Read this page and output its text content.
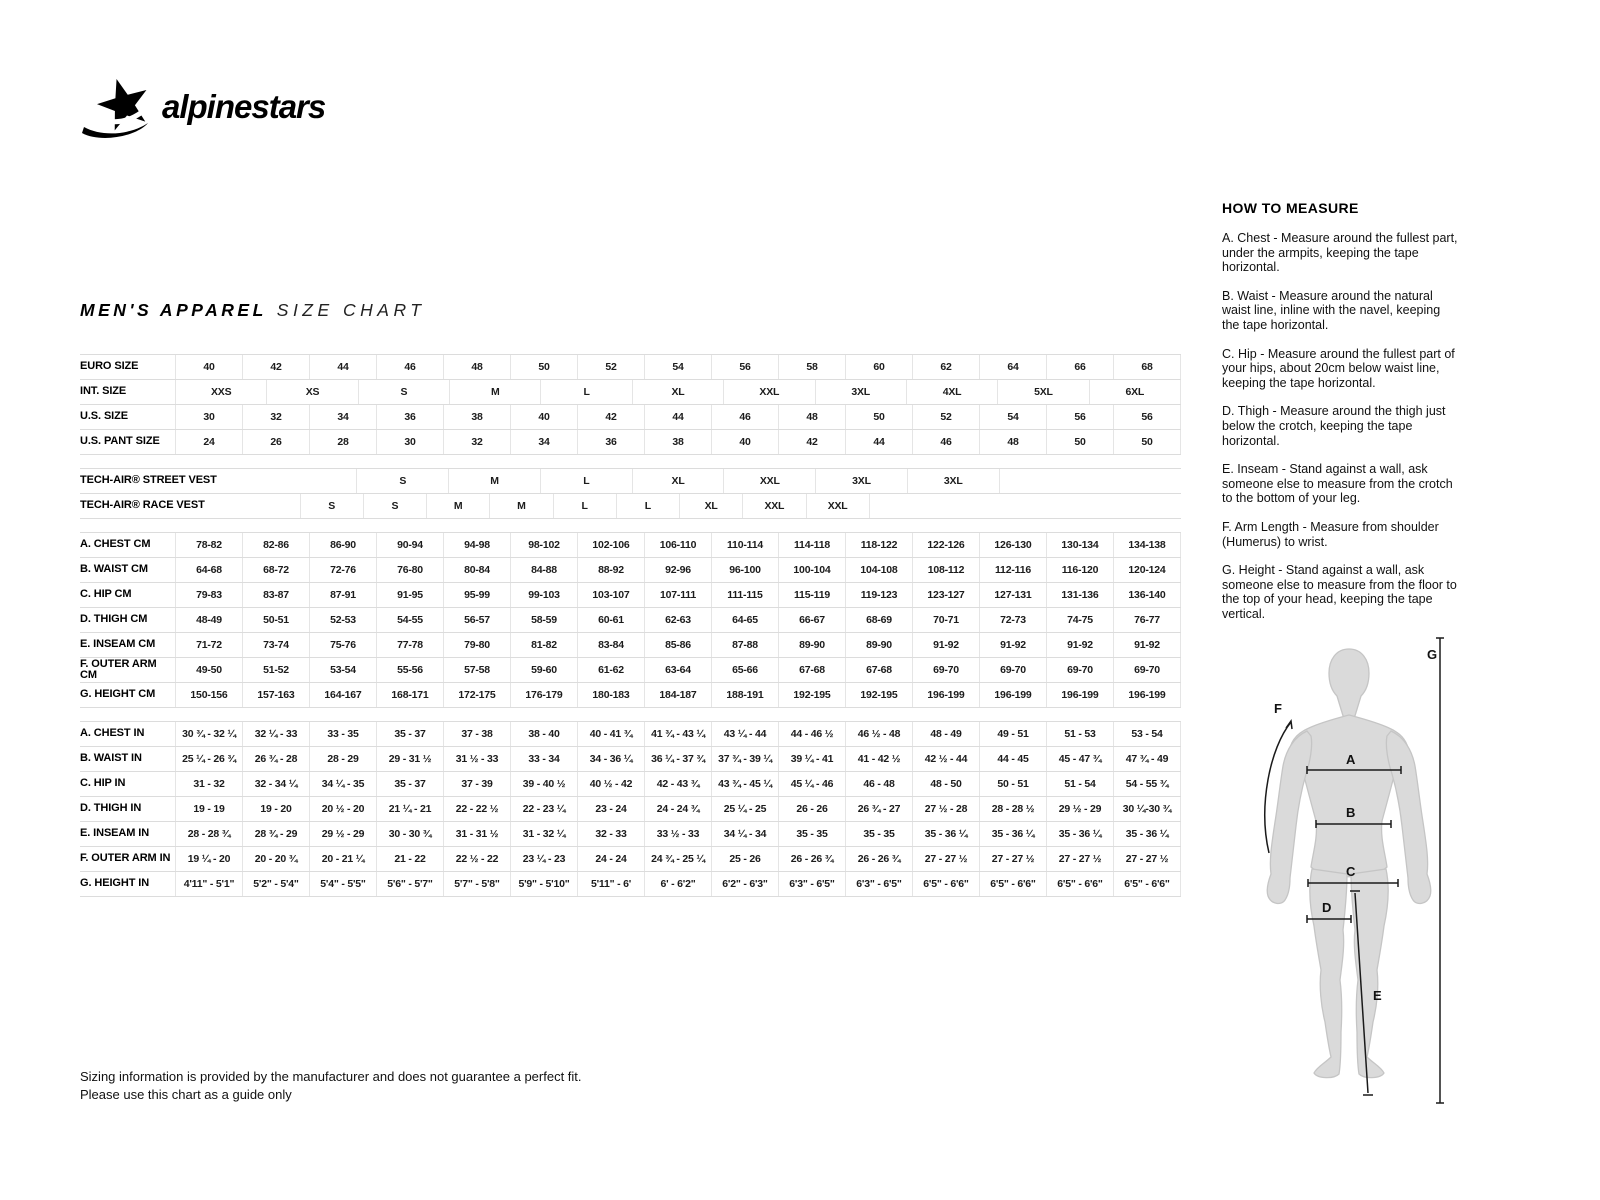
alpinestars
MEN'S APPAREL SIZE CHART
EURO SIZE	40	42	44	46	48	50	52	54	56	58	60	62	64	66	68
INT. SIZE	XXS	XS	S	M	L	XL	XXL	3XL	4XL	5XL	6XL
U.S. SIZE	30	32	34	36	38	40	42	44	46	48	50	52	54	56	56
U.S. PANT SIZE	24	26	28	30	32	34	36	38	40	42	44	46	48	50	50
TECH-AIR® STREET VEST	S	M	L	XL	XXL	3XL	3XL
TECH-AIR® RACE VEST	S	S	M	M	L	L	XL	XXL	XXL
A. CHEST CM	78-82	82-86	86-90	90-94	94-98	98-102	102-106	106-110	110-114	114-118	118-122	122-126	126-130	130-134	134-138
B. WAIST CM	64-68	68-72	72-76	76-80	80-84	84-88	88-92	92-96	96-100	100-104	104-108	108-112	112-116	116-120	120-124
C. HIP CM	79-83	83-87	87-91	91-95	95-99	99-103	103-107	107-111	111-115	115-119	119-123	123-127	127-131	131-136	136-140
D. THIGH CM	48-49	50-51	52-53	54-55	56-57	58-59	60-61	62-63	64-65	66-67	68-69	70-71	72-73	74-75	76-77
E. INSEAM CM	71-72	73-74	75-76	77-78	79-80	81-82	83-84	85-86	87-88	89-90	89-90	91-92	91-92	91-92	91-92
F. OUTER ARM CM	49-50	51-52	53-54	55-56	57-58	59-60	61-62	63-64	65-66	67-68	67-68	69-70	69-70	69-70	69-70
G. HEIGHT CM	150-156	157-163	164-167	168-171	172-175	176-179	180-183	184-187	188-191	192-195	192-195	196-199	196-199	196-199	196-199
A. CHEST IN	30 ¾ - 32 ¼	32 ¼ - 33	33 - 35	35 - 37	37 - 38	38 - 40	40 - 41 ¾	41 ¾ - 43 ¼	43 ¼ - 44	44 - 46 ½	46 ½ - 48	48 - 49	49 - 51	51 - 53	53 - 54
B. WAIST IN	25 ¼ - 26 ¾	26 ¾ - 28	28 - 29	29 - 31 ½	31 ½ - 33	33 - 34	34 - 36 ¼	36 ¼ - 37 ¾	37 ¾ - 39 ¼	39 ¼ - 41	41 - 42 ½	42 ½ - 44	44 - 45	45 - 47 ¾	47 ¾ - 49
C. HIP IN	31 - 32	32 - 34 ¼	34 ¼ - 35	35 - 37	37 - 39	39 - 40 ½	40 ½ - 42	42 - 43 ¾	43 ¾ - 45 ¼	45 ¼ - 46	46 - 48	48 - 50	50 - 51	51 - 54	54 - 55 ¾
D. THIGH IN	19 - 19	19 - 20	20 ½ - 20	21 ¼ - 21	22 - 22 ½	22 - 23 ¼	23 - 24	24 - 24 ¾	25 ¼ - 25	26 - 26	26 ¾ - 27	27 ½ - 28	28 - 28 ½	29 ½ - 29	30 ¼-30 ¾
E. INSEAM IN	28 - 28 ¾	28 ¾ - 29	29 ½ - 29	30 - 30 ¾	31 - 31 ½	31 - 32 ¼	32 - 33	33 ½ - 33	34 ¼ - 34	35 - 35	35 - 35	35 - 36 ¼	35 - 36 ¼	35 - 36 ¼	35 - 36 ¼
F. OUTER ARM IN	19 ¼ - 20	20 - 20 ¾	20 - 21 ¼	21 - 22	22 ½ - 22	23 ¼ - 23	24 - 24	24 ¾ - 25 ¼	25 - 26	26 - 26 ¾	26 - 26 ¾	27 - 27 ½	27 - 27 ½	27 - 27 ½	27 - 27 ½
G. HEIGHT IN	4'11" - 5'1"	5'2" - 5'4"	5'4" - 5'5"	5'6" - 5'7"	5'7" - 5'8"	5'9" - 5'10"	5'11" - 6'	6' - 6'2"	6'2" - 6'3"	6'3" - 6'5"	6'3" - 6'5"	6'5" - 6'6"	6'5" - 6'6"	6'5" - 6'6"	6'5" - 6'6"
HOW TO MEASURE

A. Chest - Measure around the fullest part, under the armpits, keeping the tape horizontal.

B. Waist - Measure around the natural waist line, inline with the navel, keeping the tape horizontal.

C. Hip - Measure around the fullest part of your hips, about 20cm below waist line, keeping the tape horizontal.

D. Thigh - Measure around the thigh just below the crotch, keeping the tape horizontal.

E. Inseam - Stand against a wall, ask someone else to measure from the crotch to the bottom of your leg.

F. Arm Length - Measure from shoulder (Humerus) to wrist.

G. Height - Stand against a wall, ask someone else to measure from the floor to the top of your head, keeping the tape vertical.

A
B
C
D
E
F
G
Sizing information is provided by the manufacturer and does not guarantee a perfect fit.
Please use this chart as a guide only
